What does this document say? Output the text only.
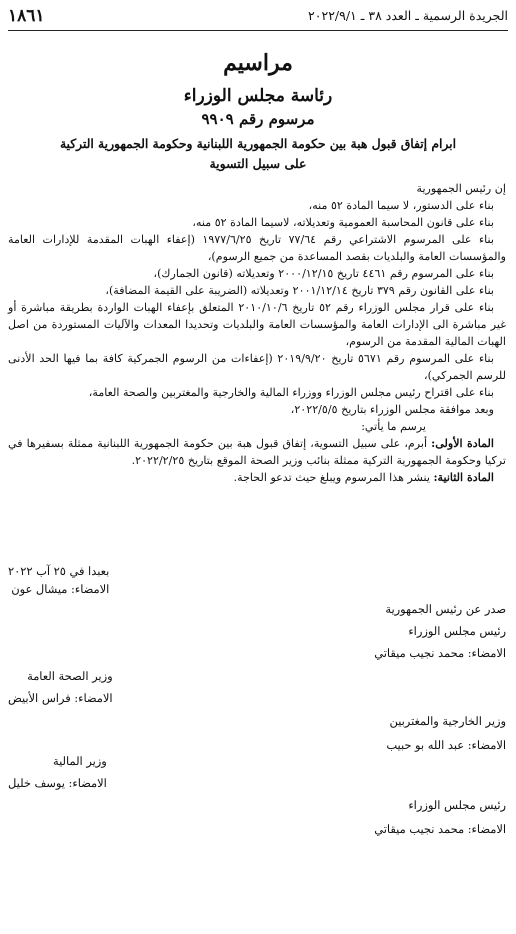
الجريدة الرسمية ـ العدد ٣٨ ـ ٢٠٢٢/٩/١
١٨٦١
مراسيم
رئاسة مجلس الوزراء
مرسوم رقم ٩٩٠٩
ابرام إتفاق قبول هبة بين حكومة الجمهورية اللبنانية وحكومة الجمهورية التركية
على سبيل التسوية

إن رئيس الجمهورية

بناء على الدستور، لا سيما المادة ٥٢ منه،

بناء على قانون المحاسبة العمومية وتعديلاته، لاسيما المادة ٥٢ منه،

بناء على المرسوم الاشتراعي رقم ٧٧/٦٤ تاريخ ١٩٧٧/٦/٢٥ (إعفاء الهبات المقدمة للإدارات العامة والمؤسسات العامة والبلديات بقصد المساعدة من جميع الرسوم)،

بناء على المرسوم رقم ٤٤٦١ تاريخ ٢٠٠٠/١٢/١٥ وتعديلاته (قانون الجمارك)،

بناء على القانون رقم ٣٧٩ تاريخ ٢٠٠١/١٢/١٤ وتعديلاته (الضريبة على القيمة المضافة)،

بناء على قرار مجلس الوزراء رقم ٥٢ تاريخ ٢٠١٠/١٠/٦ المتعلق بإعفاء الهبات الواردة بطريقة مباشرة أو غير مباشرة الى الإدارات العامة والمؤسسات العامة والبلديات وتحديدا المعدات والآليات المستوردة من اصل الهبات المالية المقدمة من الرسوم،

بناء على المرسوم رقم ٥٦٧١ تاريخ ٢٠١٩/٩/٢٠ (إعفاءات من الرسوم الجمركية كافة بما فيها الحد الأدنى للرسم الجمركي)،

بناء على اقتراح رئيس مجلس الوزراء ووزراء المالية والخارجية والمغتربين والصحة العامة،

وبعد موافقة مجلس الوزراء بتاريخ ٢٠٢٢/٥/٥،

يرسم ما يأتي:

المادة الأولى: أبرم، على سبيل التسوية، إتفاق قبول هبة بين حكومة الجمهورية اللبنانية ممثلة بسفيرها في تركيا وحكومة الجمهورية التركية ممثلة بنائب وزير الصحة الموقع بتاريخ ٢٠٢٢/٢/٢٥.

المادة الثانية: ينشر هذا المرسوم ويبلغ حيث تدعو الحاجة.

بعبدا في ٢٥ آب ٢٠٢٢
الامضاء: ميشال عون
صدر عن رئيس الجمهورية
رئيس مجلس الوزراء
الامضاء: محمد نجيب ميقاتي
وزير الصحة العامة
الامضاء: فراس الأبيض
وزير الخارجية والمغتربين
الامضاء: عبد الله بو حبيب
وزير المالية
الامضاء: يوسف خليل
رئيس مجلس الوزراء
الامضاء: محمد نجيب ميقاتي
